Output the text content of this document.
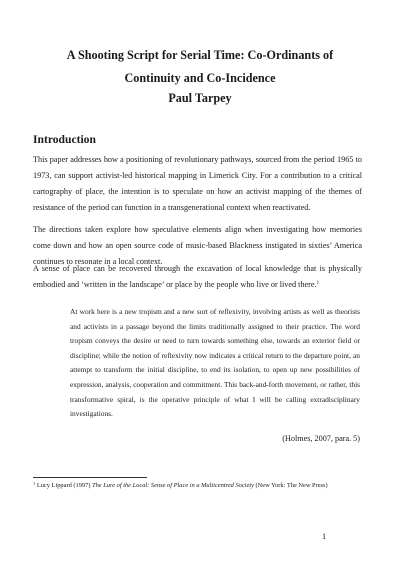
A Shooting Script for Serial Time: Co-Ordinants of Continuity and Co-Incidence
Paul Tarpey
Introduction

This paper addresses how a positioning of revolutionary pathways, sourced from the period 1965 to 1973, can support activist-led historical mapping in Limerick City. For a contribution to a critical cartography of place, the intention is to speculate on how an activist mapping of the themes of resistance of the period can function in a transgenerational context when reactivated.

The directions taken explore how speculative elements align when investigating how memories come down and how an open source code of music-based Blackness instigated in sixties’ America continues to resonate in a local context.

A sense of place can be recovered through the excavation of local knowledge that is physically embodied and ‘written in the landscape’ or place by the people who live or lived there.$^1$

At work here is a new tropism and a new sort of reflexivity, involving artists as well as theorists and activists in a passage beyond the limits traditionally assigned to their practice. The word tropism conveys the desire or need to turn towards something else, towards an exterior field or discipline; while the notion of reflexivity now indicates a critical return to the departure point, an attempt to transform the initial discipline, to end its isolation, to open up new possibilities of expression, analysis, cooperation and commitment. This back-and-forth movement, or rather, this transformative spiral, is the operative principle of what I will be calling extradisciplinary investigations.

(Holmes, 2007, para. 5)

$^1$ Lucy Lippard (1997) The Lure of the Local: Sense of Place in a Multicentred Society (New York: The New Press)

1
